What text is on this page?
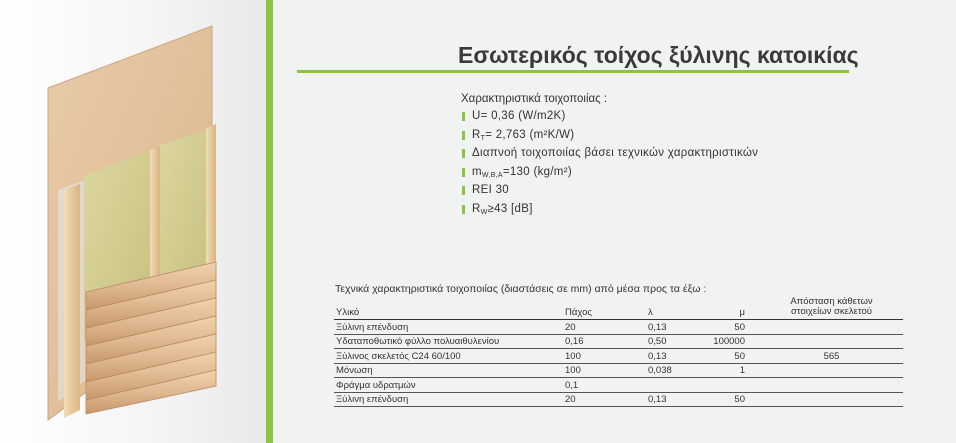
Εσωτερικός τοίχος ξύλινης κατοικίας
Χαρακτηριστικά τοιχοποιίας :
U= 0,36 (W/m2K)
$R_T= 2,763$ (m²K/W)
Διαπνοή τοιχοποιίας βάσει τεχνικών χαρακτηριστικών
$m_{W,B,A}=130$ (kg/m²)
REI 30
$R_W\ge 43$ [dB]
Τεχνικά χαρακτηριστικά τοιχοποιίας (διαστάσεις σε mm) από μέσα προς τα έξω :
Υλικό	Πάχος	λ	μ
Απόσταση κάθετων
στοιχείων σκελετού
Ξύλινη επένδυση	20	0,13	50
Υδαταποθωτικό φύλλο πολυαιθυλενίου	0,16	0,50	100000
Ξύλινος σκελετός C24 60/100	100	0,13	50	565
Μόνωση	100	0,038	1
Φράγμα υδρατμών	0,1
Ξύλινη επένδυση	20	0,13	50
